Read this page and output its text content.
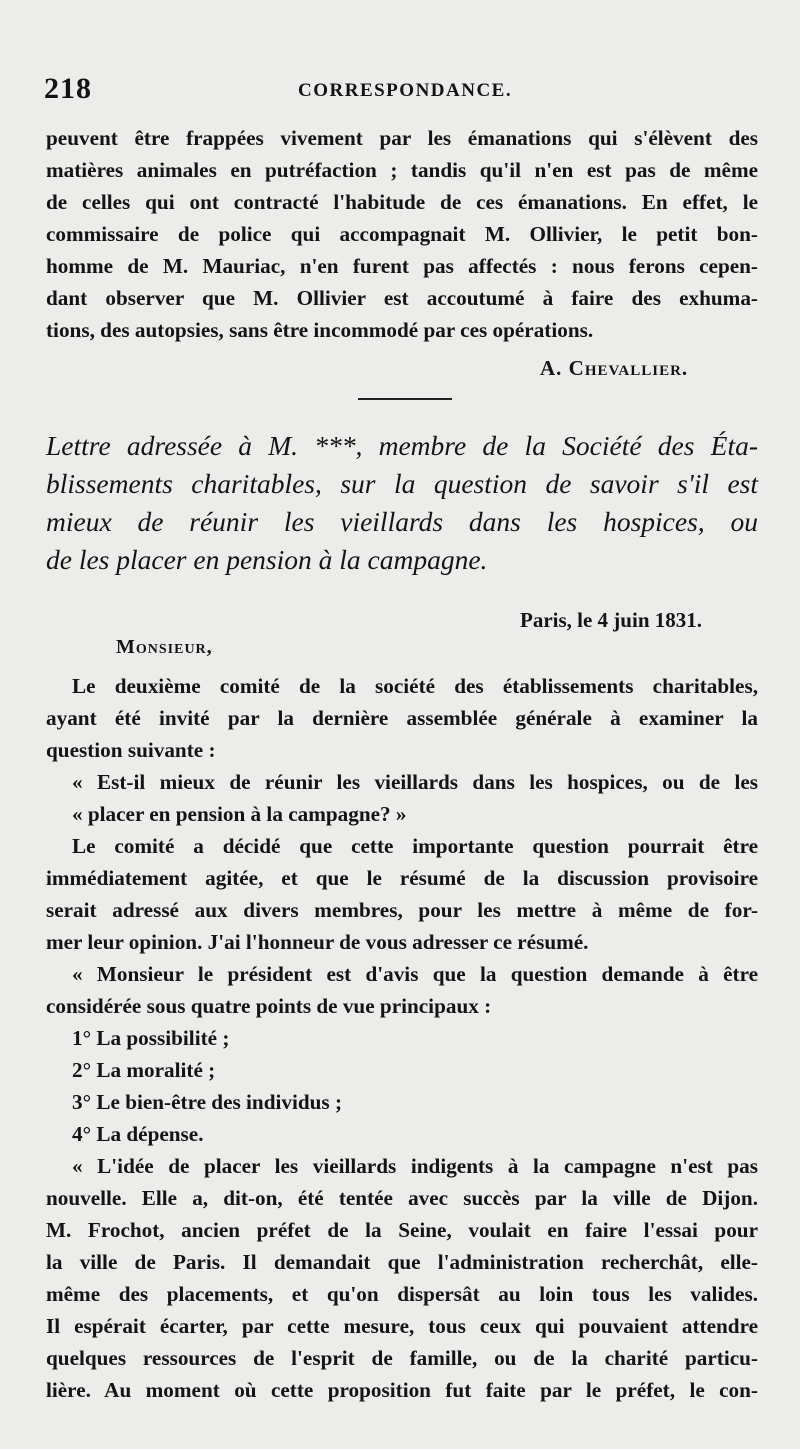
218	CORRESPONDANCE.
peuvent être frappées vivement par les émanations qui s'élèvent des
matières animales en putréfaction ; tandis qu'il n'en est pas de même
de celles qui ont contracté l'habitude de ces émanations. En effet, le
commissaire de police qui accompagnait M. Ollivier, le petit bon-
homme de M. Mauriac, n'en furent pas affectés : nous ferons cepen-
dant observer que M. Ollivier est accoutumé à faire des exhuma-
tions, des autopsies, sans être incommodé par ces opérations.
A. Chevallier.
Lettre adressée à M. ***, membre de la Société des Éta-
blissements charitables, sur la question de savoir s'il est
mieux de réunir les vieillards dans les hospices, ou
de les placer en pension à la campagne.
Paris, le 4 juin 1831.
Monsieur,
Le deuxième comité de la société des établissements charitables,
ayant été invité par la dernière assemblée générale à examiner la
question suivante :
« Est-il mieux de réunir les vieillards dans les hospices, ou de les
« placer en pension à la campagne? »
Le comité a décidé que cette importante question pourrait être
immédiatement agitée, et que le résumé de la discussion provisoire
serait adressé aux divers membres, pour les mettre à même de for-
mer leur opinion. J'ai l'honneur de vous adresser ce résumé.
« Monsieur le président est d'avis que la question demande à être
considérée sous quatre points de vue principaux :
1° La possibilité ;
2° La moralité ;
3° Le bien-être des individus ;
4° La dépense.
« L'idée de placer les vieillards indigents à la campagne n'est pas
nouvelle. Elle a, dit-on, été tentée avec succès par la ville de Dijon.
M. Frochot, ancien préfet de la Seine, voulait en faire l'essai pour
la ville de Paris. Il demandait que l'administration recherchât, elle-
même des placements, et qu'on dispersât au loin tous les valides.
Il espérait écarter, par cette mesure, tous ceux qui pouvaient attendre
quelques ressources de l'esprit de famille, ou de la charité particu-
lière. Au moment où cette proposition fut faite par le préfet, le con-
